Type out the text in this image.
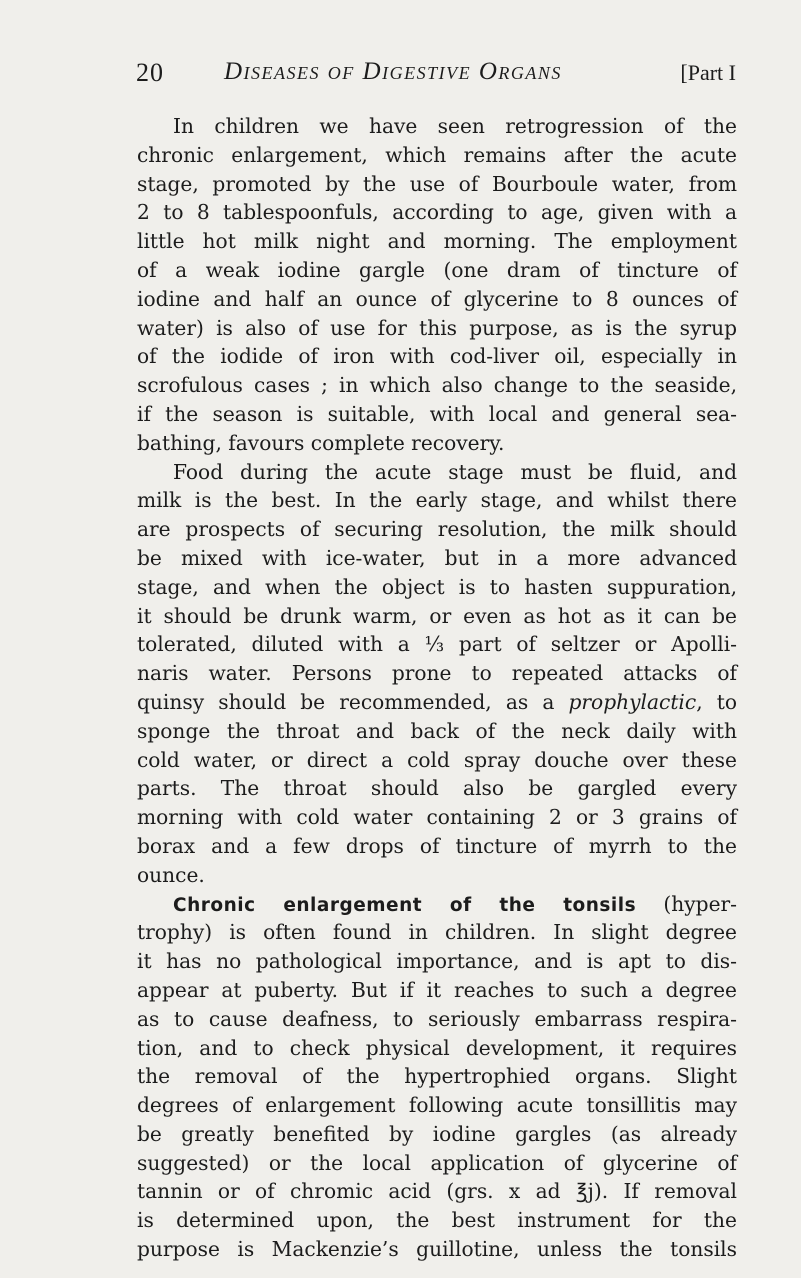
20 Diseases of Digestive Organs	[Part I
In children we have seen retrogression of the
chronic enlargement, which remains after the acute
stage, promoted by the use of Bourboule water, from
2 to 8 tablespoonfuls, according to age, given with a
little hot milk night and morning. The employment
of a weak iodine gargle (one dram of tincture of
iodine and half an ounce of glycerine to 8 ounces of
water) is also of use for this purpose, as is the syrup
of the iodide of iron with cod-liver oil, especially in
scrofulous cases ; in which also change to the seaside,
if the season is suitable, with local and general sea-
bathing, favours complete recovery.
Food during the acute stage must be fluid, and
milk is the best. In the early stage, and whilst there
are prospects of securing resolution, the milk should
be mixed with ice-water, but in a more advanced
stage, and when the object is to hasten suppuration,
it should be drunk warm, or even as hot as it can be
tolerated, diluted with a ⅓ part of seltzer or Apolli-
naris water. Persons prone to repeated attacks of
quinsy should be recommended, as a prophylactic, to
sponge the throat and back of the neck daily with
cold water, or direct a cold spray douche over these
parts. The throat should also be gargled every
morning with cold water containing 2 or 3 grains of
borax and a few drops of tincture of myrrh to the
ounce.
Chronic enlargement of the tonsils (hyper-
trophy) is often found in children. In slight degree
it has no pathological importance, and is apt to dis-
appear at puberty. But if it reaches to such a degree
as to cause deafness, to seriously embarrass respira-
tion, and to check physical development, it requires
the removal of the hypertrophied organs. Slight
degrees of enlargement following acute tonsillitis may
be greatly benefited by iodine gargles (as already
suggested) or the local application of glycerine of
tannin or of chromic acid (grs. x ad ℥j). If removal
is determined upon, the best instrument for the
purpose is Mackenzie’s guillotine, unless the tonsils
